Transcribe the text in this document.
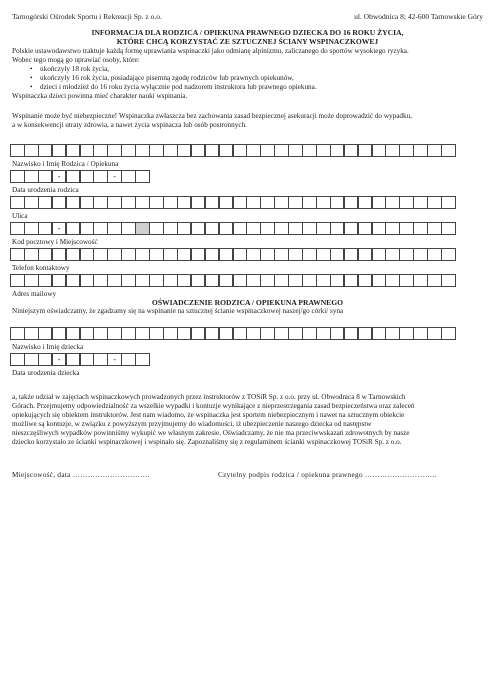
Tarnogórski Ośrodek Sportu i Rekreacji Sp. z o.o.	ul. Obwodnica 8; 42-600 Tarnowskie Góry
INFORMACJA DLA RODZICA / OPIEKUNA PRAWNEGO DZIECKA DO 16 ROKU ŻYCIA,
KTÓRE CHCĄ KORZYSTAĆ ZE SZTUCZNEJ ŚCIANY WSPINACZKOWEJ
Polskie ustawodawstwo traktuje każdą formę uprawiania wspinaczki jako odmianę alpinizmu, zaliczanego do sportów wysokiego ryzyka.
Wobec tego mogą go uprawiać osoby, które:
• ukończyły 18 rok życia,
• ukończyły 16 rok życia, posiadające pisemną zgodę rodziców lub prawnych opiekunów,
• dzieci i młodzież do 16 roku życia wyłącznie pod nadzorem instruktora lub prawnego opiekuna.
Wspinaczka dzieci powinna mieć charakter nauki wspinania.
Wspinanie może być niebezpieczne! Wspinaczka zwłaszcza bez zachowania zasad bezpiecznej asekuracji może doprowadzić do wypadku,
a w konsekwencji utraty zdrowia, a nawet życia wspinacza lub osób postronnych.
Nazwisko i Imię Rodzica / Opiekuna
-
-
Data urodzenia rodzica
Ulica
-
Kod pocztowy i Miejscowość
Telefon kontaktowy
Adres mailowy
OŚWIADCZENIE RODZICA / OPIEKUNA PRAWNEGO
Niniejszym oświadczamy, że zgadzamy się na wspinanie na sztucznej ścianie wspinaczkowej naszej/go córki/ syna
Nazwisko i Imię dziecka
-
-
Data urodzenia dziecka
a, także udział w zajęciach wspinaczkowych prowadzonych przez instruktorów z TOSiR Sp. z o.o. przy ul. Obwodnica 8 w Tarnowskich
Górach. Przejmujemy odpowiedzialność za wszelkie wypadki i kontuzje wynikające z nieprzestrzegania zasad bezpieczeństwa oraz zaleceń
opiekujących się obiektem instruktorów. Jest nam wiadomo, że wspinaczka jest sportem niebezpiecznym i nawet na sztucznym obiekcie
możliwe są kontuzje, w związku z powyższym przyjmujemy do wiadomości, iż ubezpieczenie naszego dziecka od następstw
nieszczęśliwych wypadków powinniśmy wykupić we własnym zakresie. Oświadczamy, że nie ma przeciwwskazań zdrowotnych by nasze
dziecko korzystało ze ścianki wspinaczkowej i wspinało się. Zapoznaliśmy się z regulaminem ścianki wspinaczkowej TOSiR Sp. z o.o.
Miejscowość, data ………………………….	Czytelny podpis rodzica / opiekuna prawnego ………………………..
